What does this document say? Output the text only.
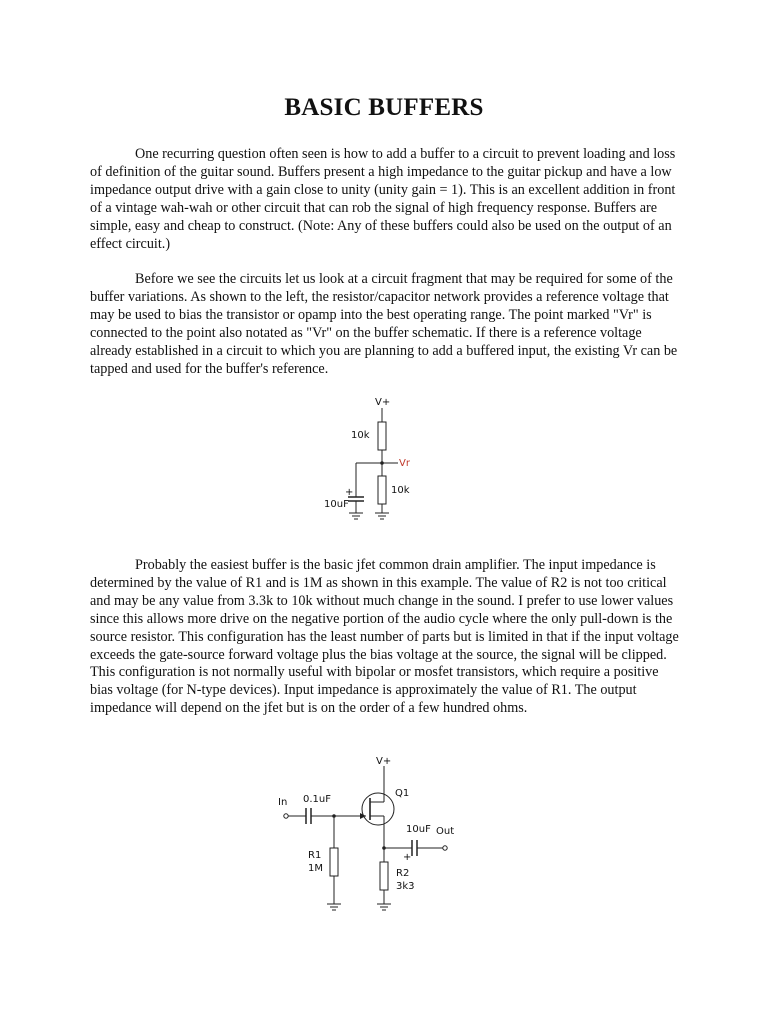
BASIC BUFFERS

One recurring question often seen is how to add a buffer to a circuit to prevent loading and loss of definition of the guitar sound. Buffers present a high impedance to the guitar pickup and have a low impedance output drive with a gain close to unity (unity gain = 1). This is an excellent addition in front of a vintage wah-wah or other circuit that can rob the signal of high frequency response. Buffers are simple, easy and cheap to construct. (Note: Any of these buffers could also be used on the output of an effect circuit.)

Before we see the circuits let us look at a circuit fragment that may be required for some of the buffer variations. As shown to the left, the resistor/capacitor network provides a reference voltage that may be used to bias the transistor or opamp into the best operating range. The point marked "Vr" is connected to the point also notated as "Vr" on the buffer schematic. If there is a reference voltage already established in a circuit to which you are planning to add a buffered input, the existing Vr can be tapped and used for the buffer's reference.

V+
10k
Vr
+
10uF
10k

Probably the easiest buffer is the basic jfet common drain amplifier. The input impedance is determined by the value of R1 and is 1M as shown in this example. The value of R2 is not too critical and may be any value from 3.3k to 10k without much change in the sound. I prefer to use lower values since this allows more drive on the negative portion of the audio cycle where the only pull-down is the source resistor. This configuration has the least number of parts but is limited in that if the input voltage exceeds the gate-source forward voltage plus the bias voltage at the source, the signal will be clipped. This configuration is not normally useful with bipolar or mosfet transistors, which require a positive bias voltage (for N-type devices). Input impedance is approximately the value of R1. The output impedance will depend on the jfet but is on the order of a few hundred ohms.

V+
In 0.1uF
Q1
10uF
+
Out
R1
1M	R2
3k3
